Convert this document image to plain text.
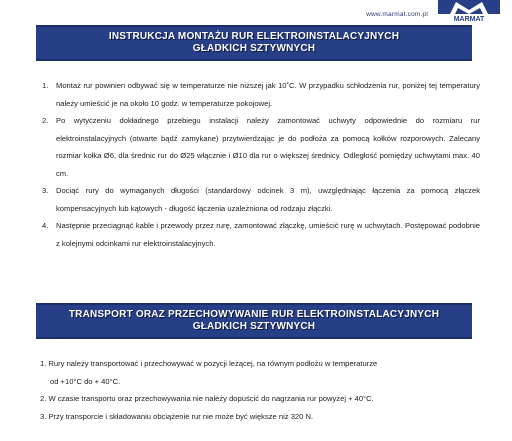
www.marmat.com.pl
MARMAT
INSTRUKCJA MONTAŻU RUR ELEKTROINSTALACYJNYCH
GŁADKICH SZTYWNYCH
1. Montaż rur powinien odbywać się w temperaturze nie niższej jak 10˚C. W przypadku schłodzenia rur, poniżej tej temperatury należy umieścić je na około 10 godz. w temperaturze pokojowej.
2. Po wytyczeniu dokładnego przebiegu instalacji należy zamontować uchwyty odpowiednie do rozmiaru rur elektroinstalacyjnych (otwarte bądź zamykane) przytwierdzając je do podłoża za pomocą kołków rozporowych. Zalecany rozmiar kołka Ø6, dla średnic rur do Ø25 włącznie i Ø10 dla rur o większej średnicy. Odległość pomiędzy uchwytami max. 40 cm.
3. Dociąć rury do wymaganych długości (standardowy odcinek 3 m), uwzględniając łączenia za pomocą złączek kompensacyjnych lub kątowych - długość łączenia uzależniona od rodzaju złączki.
4. Następnie przeciągnąć kable i przewody przez rurę, zamontować złączkę, umieścić rurę w uchwytach. Postępować podobnie z kolejnymi odcinkami rur elektroinstalacyjnych.
TRANSPORT ORAZ PRZECHOWYWANIE RUR ELEKTROINSTALACYJNYCH
GŁADKICH SZTYWNYCH
1. Rury należy transportować i przechowywać w pozycji leżącej, na równym podłożu w temperaturze
od +10°C do + 40°C.
2. W czasie transportu oraz przechowywania nie należy dopuścić do nagrzania rur powyżej + 40°C.
3. Przy transporcie i składowaniu obciążenie rur nie może być większe niż 320 N.
